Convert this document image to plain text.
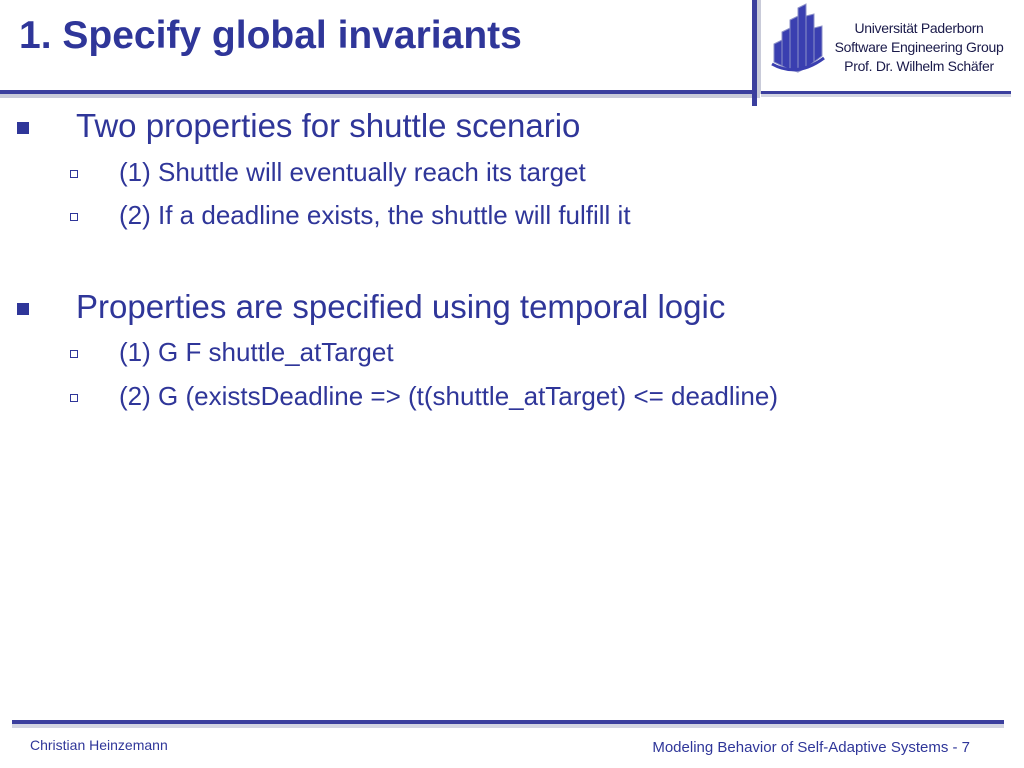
1. Specify global invariants	Universität Paderborn
Software Engineering Group
Prof. Dr. Wilhelm Schäfer
Two properties for shuttle scenario
(1) Shuttle will eventually reach its target
(2) If a deadline exists, the shuttle will fulfill it
Properties are specified using temporal logic
(1) G F shuttle_atTarget
(2) G (existsDeadline => (t(shuttle_atTarget) <= deadline)
Christian Heinzemann	Modeling Behavior of Self-Adaptive Systems - 7
